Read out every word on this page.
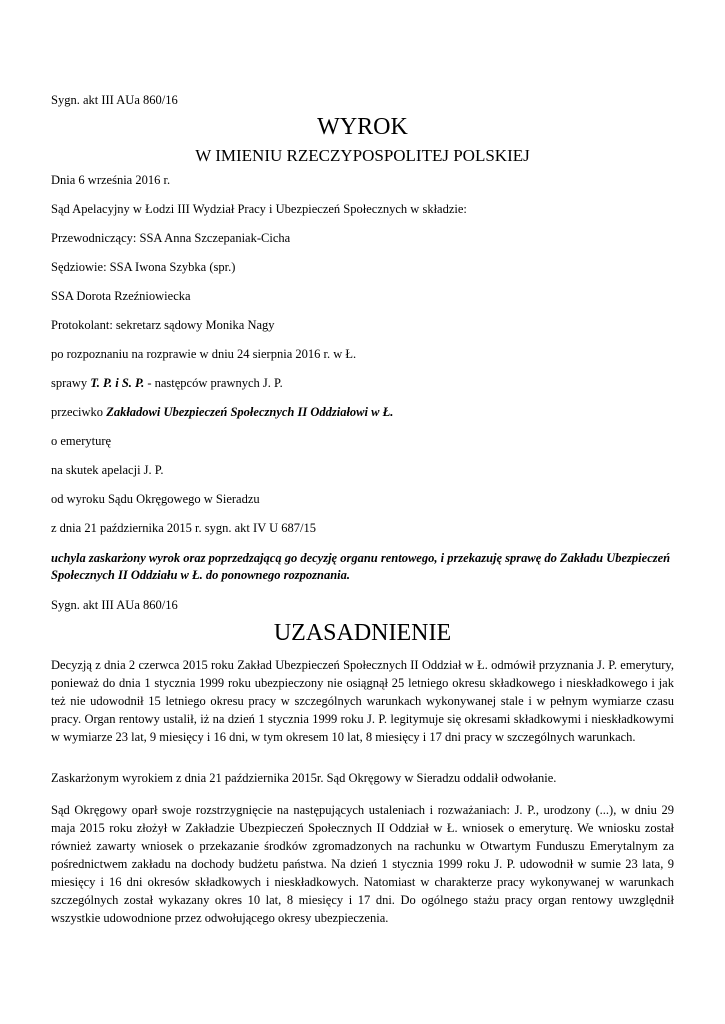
Sygn. akt III AUa 860/16
WYROK
W IMIENIU RZECZYPOSPOLITEJ POLSKIEJ
Dnia 6 września 2016 r.
Sąd Apelacyjny w Łodzi III Wydział Pracy i Ubezpieczeń Społecznych w składzie:
Przewodniczący: SSA Anna Szczepaniak-Cicha
Sędziowie: SSA Iwona Szybka (spr.)
SSA Dorota Rzeźniowiecka
Protokolant: sekretarz sądowy Monika Nagy
po rozpoznaniu na rozprawie w dniu 24 sierpnia 2016 r. w Ł.
sprawy T. P. i S. P. - następców prawnych J. P.
przeciwko Zakładowi Ubezpieczeń Społecznych II Oddziałowi w Ł.
o emeryturę
na skutek apelacji J. P.
od wyroku Sądu Okręgowego w Sieradzu
z dnia 21 października 2015 r. sygn. akt IV U 687/15
uchyla zaskarżony wyrok oraz poprzedzającą go decyzję organu rentowego, i przekazuję sprawę do Zakładu Ubezpieczeń Społecznych II Oddziału w Ł. do ponownego rozpoznania.
Sygn. akt III AUa 860/16
UZASADNIENIE
Decyzją z dnia 2 czerwca 2015 roku Zakład Ubezpieczeń Społecznych II Oddział w Ł. odmówił przyznania J. P. emerytury, ponieważ do dnia 1 stycznia 1999 roku ubezpieczony nie osiągnął 25 letniego okresu składkowego i nieskładkowego i jak też nie udowodnił 15 letniego okresu pracy w szczególnych warunkach wykonywanej stale i w pełnym wymiarze czasu pracy. Organ rentowy ustalił, iż na dzień 1 stycznia 1999 roku J. P. legitymuje się okresami składkowymi i nieskładkowymi w wymiarze 23 lat, 9 miesięcy i 16 dni, w tym okresem 10 lat, 8 miesięcy i 17 dni pracy w szczególnych warunkach.
Zaskarżonym wyrokiem z dnia 21 października 2015r. Sąd Okręgowy w Sieradzu oddalił odwołanie.
Sąd Okręgowy oparł swoje rozstrzygnięcie na następujących ustaleniach i rozważaniach: J. P., urodzony (...), w dniu 29 maja 2015 roku złożył w Zakładzie Ubezpieczeń Społecznych II Oddział w Ł. wniosek o emeryturę. We wniosku został również zawarty wniosek o przekazanie środków zgromadzonych na rachunku w Otwartym Funduszu Emerytalnym za pośrednictwem zakładu na dochody budżetu państwa. Na dzień 1 stycznia 1999 roku J. P. udowodnił w sumie 23 lata, 9 miesięcy i 16 dni okresów składkowych i nieskładkowych. Natomiast w charakterze pracy wykonywanej w warunkach szczególnych został wykazany okres 10 lat, 8 miesięcy i 17 dni. Do ogólnego stażu pracy organ rentowy uwzględnił wszystkie udowodnione przez odwołującego okresy ubezpieczenia.
